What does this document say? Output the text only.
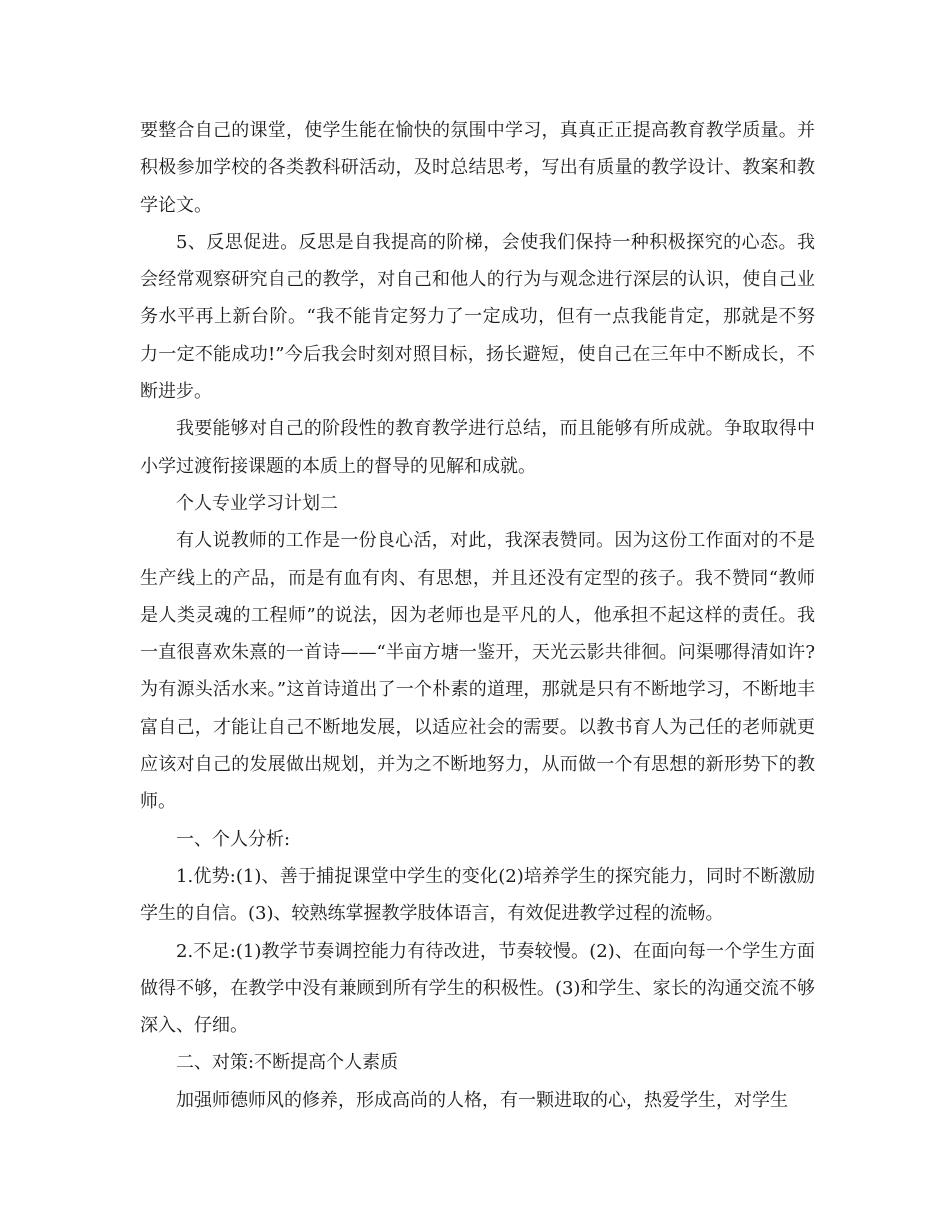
要整合自己的课堂，使学生能在愉快的氛围中学习，真真正正提高教育教学质量。并积极参加学校的各类教科研活动，及时总结思考，写出有质量的教学设计、教案和教学论文。

5、反思促进。反思是自我提高的阶梯，会使我们保持一种积极探究的心态。我会经常观察研究自己的教学，对自己和他人的行为与观念进行深层的认识，使自己业务水平再上新台阶。“我不能肯定努力了一定成功，但有一点我能肯定，那就是不努力一定不能成功!”今后我会时刻对照目标，扬长避短，使自己在三年中不断成长，不断进步。

我要能够对自己的阶段性的教育教学进行总结，而且能够有所成就。争取取得中小学过渡衔接课题的本质上的督导的见解和成就。

个人专业学习计划二

有人说教师的工作是一份良心活，对此，我深表赞同。因为这份工作面对的不是生产线上的产品，而是有血有肉、有思想，并且还没有定型的孩子。我不赞同“教师是人类灵魂的工程师”的说法，因为老师也是平凡的人，他承担不起这样的责任。我一直很喜欢朱熹的一首诗——“半亩方塘一鉴开，天光云影共徘徊。问渠哪得清如许?为有源头活水来。”这首诗道出了一个朴素的道理，那就是只有不断地学习，不断地丰富自己，才能让自己不断地发展，以适应社会的需要。以教书育人为己任的老师就更应该对自己的发展做出规划，并为之不断地努力，从而做一个有思想的新形势下的教师。

一、个人分析:

1.优势:(1)、善于捕捉课堂中学生的变化(2)培养学生的探究能力，同时不断激励学生的自信。(3)、较熟练掌握教学肢体语言，有效促进教学过程的流畅。

2.不足:(1)教学节奏调控能力有待改进，节奏较慢。(2)、在面向每一个学生方面做得不够，在教学中没有兼顾到所有学生的积极性。(3)和学生、家长的沟通交流不够深入、仔细。

二、对策:不断提高个人素质

加强师德师风的修养，形成高尚的人格，有一颗进取的心，热爱学生，对学生
